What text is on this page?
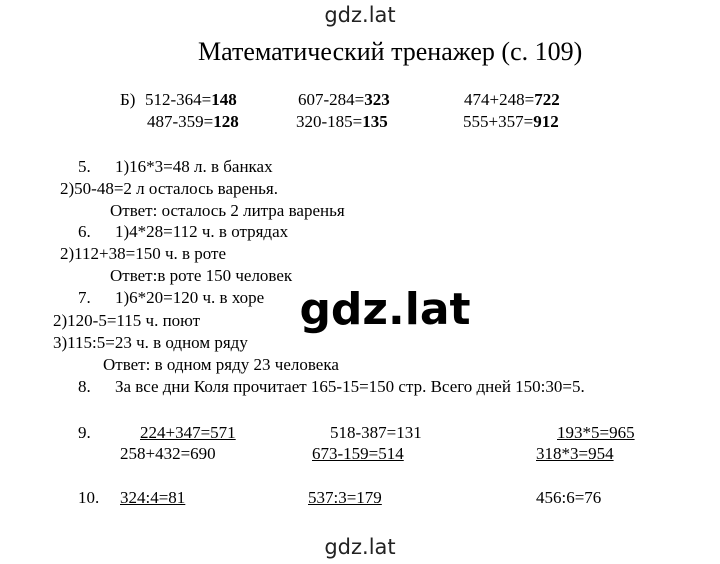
gdz.lat
Математический тренажер (с. 109)
Б) 512-364=148	607-284=323	474+248=722
487-359=128	320-185=135	555+357=912
5. 1)16*3=48 л. в банках
2)50-48=2 л осталось варенья.
Ответ: осталось 2 литра варенья
6. 1)4*28=112 ч. в отрядах
2)112+38=150 ч. в роте
Ответ:в роте 150 человек
7. 1)6*20=120 ч. в хоре
2)120-5=115 ч. поют
3)115:5=23 ч. в одном ряду
Ответ: в одном ряду 23 человека
8. За все дни Коля прочитает 165-15=150 стр. Всего дней 150:30=5.
9.	224+347=571	518-387=131	193*5=965
258+432=690	673-159=514	318*3=954
10. 324:4=81	537:3=179	456:6=76
gdz.lat
gdz.lat
